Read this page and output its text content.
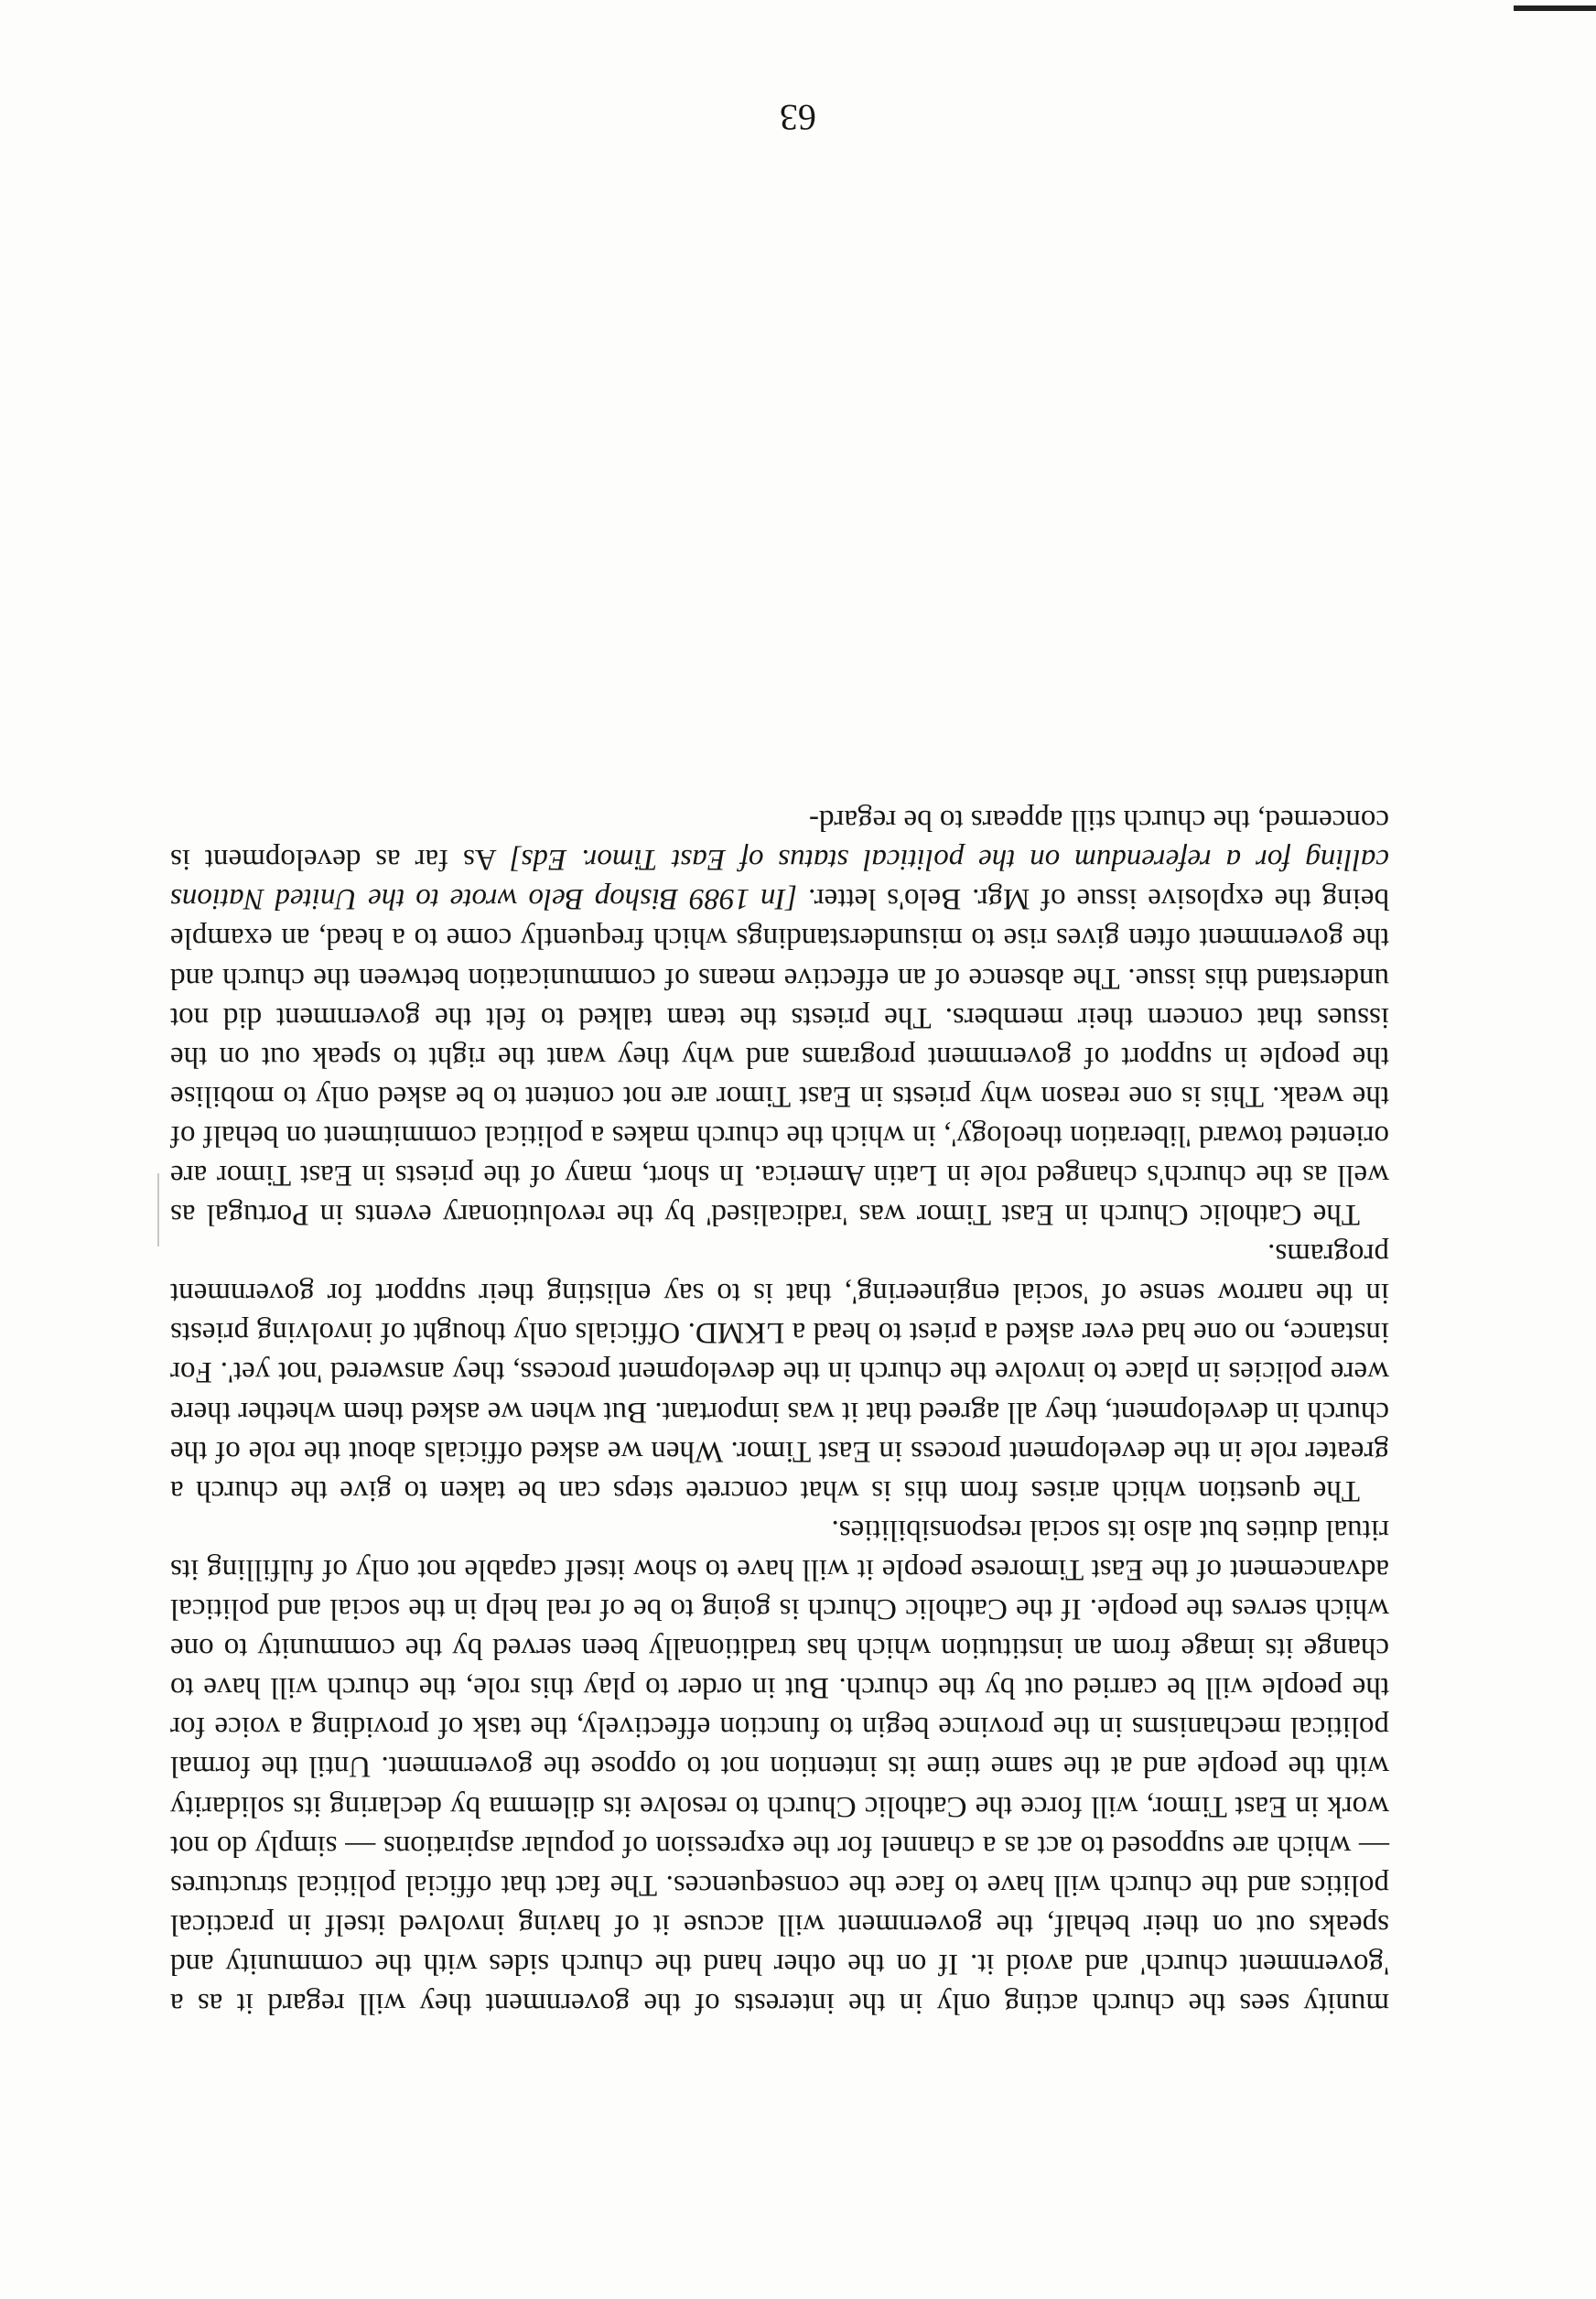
munity sees the church acting only in the interests of the government they will regard it as a 'government church' and avoid it. If on the other hand the church sides with the community and speaks out on their behalf, the government will accuse it of having involved itself in practical politics and the church will have to face the consequences. The fact that official political structures — which are supposed to act as a channel for the expression of popular aspirations — simply do not work in East Timor, will force the Catholic Church to resolve its dilemma by declaring its solidarity with the people and at the same time its intention not to oppose the government. Until the formal political mechanisms in the province begin to function effectively, the task of providing a voice for the people will be carried out by the church. But in order to play this role, the church will have to change its image from an institution which has traditionally been served by the community to one which serves the people. If the Catholic Church is going to be of real help in the social and political advancement of the East Timorese people it will have to show itself capable not only of fulfilling its ritual duties but also its social responsibilities.

The question which arises from this is what concrete steps can be taken to give the church a greater role in the development process in East Timor. When we asked officials about the role of the church in development, they all agreed that it was important. But when we asked them whether there were policies in place to involve the church in the development process, they answered 'not yet'. For instance, no one had ever asked a priest to head a LKMD. Officials only thought of involving priests in the narrow sense of 'social engineering', that is to say enlisting their support for government programs.

The Catholic Church in East Timor was 'radicalised' by the revolutionary events in Portugal as well as the church's changed role in Latin America. In short, many of the priests in East Timor are oriented toward 'liberation theology', in which the church makes a political commitment on behalf of the weak. This is one reason why priests in East Timor are not content to be asked only to mobilise the people in support of government programs and why they want the right to speak out on the issues that concern their members. The priests the team talked to felt the government did not understand this issue. The absence of an effective means of communication between the church and the government often gives rise to misunderstandings which frequently come to a head, an example being the explosive issue of Mgr. Belo's letter. [In 1989 Bishop Belo wrote to the United Nations calling for a referendum on the political status of East Timor. Eds] As far as development is concerned, the church still appears to be regard-

63
